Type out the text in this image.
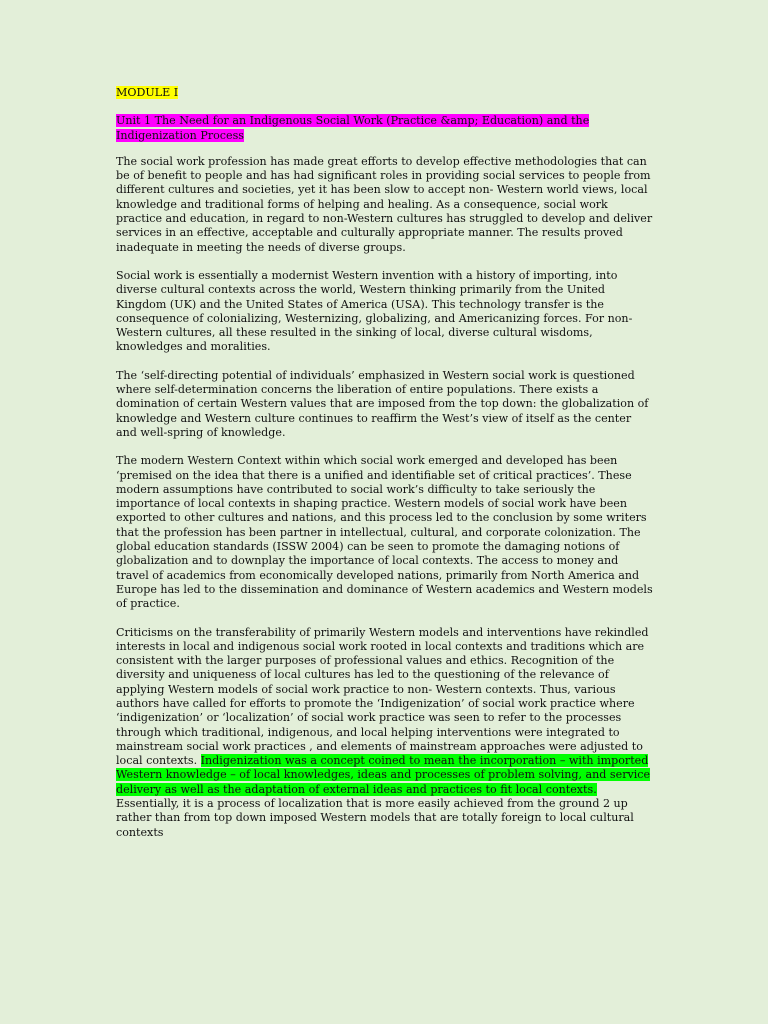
MODULE I
Unit 1 The Need for an Indigenous Social Work (Practice &amp; Education) and the Indigenization Process

The social work profession has made great efforts to develop effective methodologies that can be of benefit to people and has had significant roles in providing social services to people from different cultures and societies, yet it has been slow to accept non- Western world views, local knowledge and traditional forms of helping and healing. As a consequence, social work practice and education, in regard to non-Western cultures has struggled to develop and deliver services in an effective, acceptable and culturally appropriate manner. The results proved inadequate in meeting the needs of diverse groups.

Social work is essentially a modernist Western invention with a history of importing, into diverse cultural contexts across the world, Western thinking primarily from the United Kingdom (UK) and the United States of America (USA). This technology transfer is the consequence of colonializing, Westernizing, globalizing, and Americanizing forces. For non-Western cultures, all these resulted in the sinking of local, diverse cultural wisdoms, knowledges and moralities.

The ‘self-directing potential of individuals’ emphasized in Western social work is questioned where self-determination concerns the liberation of entire populations. There exists a domination of certain Western values that are imposed from the top down: the globalization of knowledge and Western culture continues to reaffirm the West’s view of itself as the center and well-spring of knowledge.

The modern Western Context within which social work emerged and developed has been ‘premised on the idea that there is a unified and identifiable set of critical practices’. These modern assumptions have contributed to social work’s difficulty to take seriously the importance of local contexts in shaping practice. Western models of social work have been exported to other cultures and nations, and this process led to the conclusion by some writers that the profession has been partner in intellectual, cultural, and corporate colonization. The global education standards (ISSW 2004) can be seen to promote the damaging notions of globalization and to downplay the importance of local contexts. The access to money and travel of academics from economically developed nations, primarily from North America and Europe has led to the dissemination and dominance of Western academics and Western models of practice.

Criticisms on the transferability of primarily Western models and interventions have rekindled interests in local and indigenous social work rooted in local contexts and traditions which are consistent with the larger purposes of professional values and ethics. Recognition of the diversity and uniqueness of local cultures has led to the questioning of the relevance of applying Western models of social work practice to non- Western contexts. Thus, various authors have called for efforts to promote the ‘Indigenization’ of social work practice where ‘indigenization’ or ‘localization’ of social work practice was seen to refer to the processes through which traditional, indigenous, and local helping interventions were integrated to mainstream social work practices , and elements of mainstream approaches were adjusted to local contexts. Indigenization was a concept coined to mean the incorporation – with imported Western knowledge – of local knowledges, ideas and processes of problem solving, and service delivery as well as the adaptation of external ideas and practices to fit local contexts. Essentially, it is a process of localization that is more easily achieved from the ground 2 up rather than from top down imposed Western models that are totally foreign to local cultural contexts
